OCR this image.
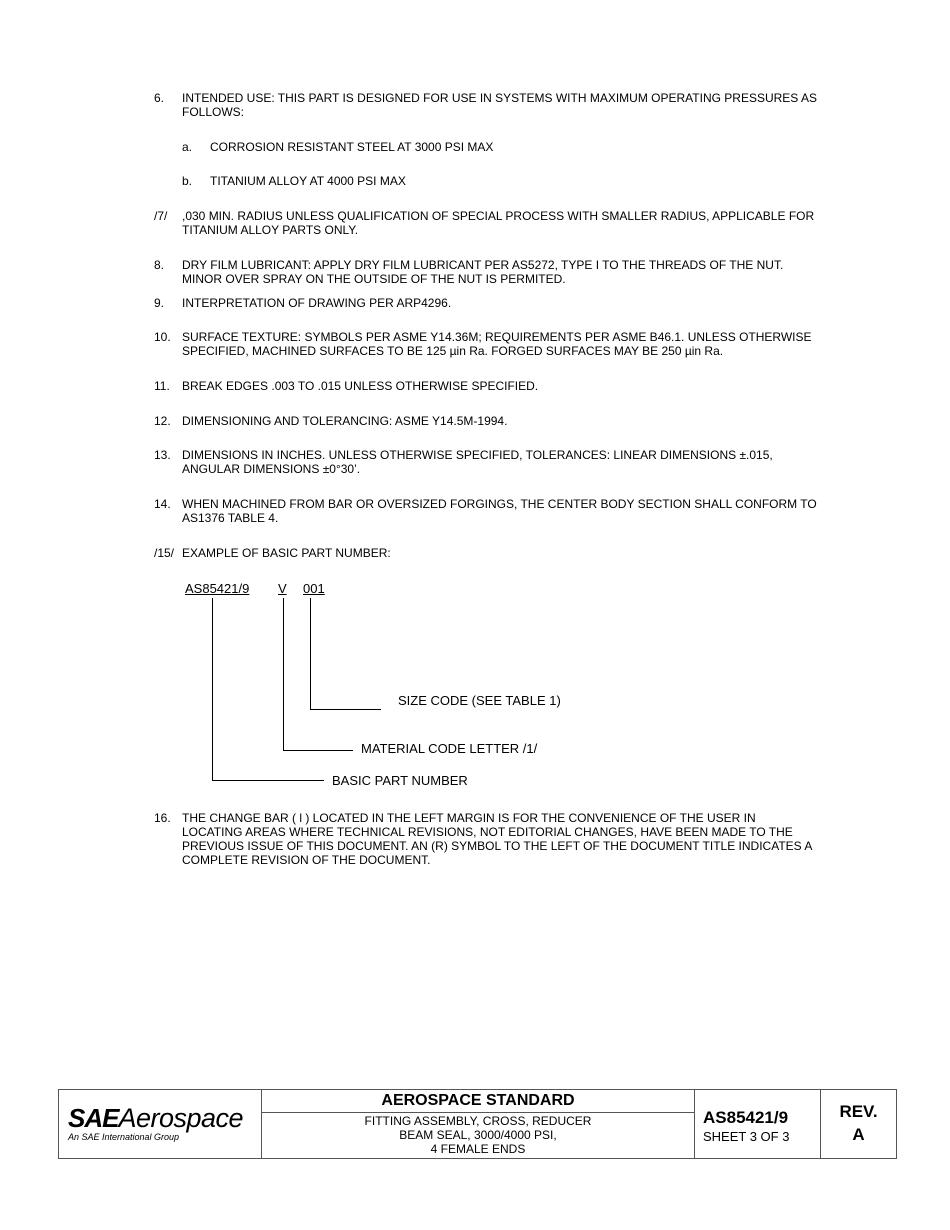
6.	INTENDED USE: THIS PART IS DESIGNED FOR USE IN SYSTEMS WITH MAXIMUM OPERATING PRESSURES AS
FOLLOWS:
a.	CORROSION RESISTANT STEEL AT 3000 PSI MAX
b.	TITANIUM ALLOY AT 4000 PSI MAX
/7/	,030 MIN. RADIUS UNLESS QUALIFICATION OF SPECIAL PROCESS WITH SMALLER RADIUS, APPLICABLE FOR
TITANIUM ALLOY PARTS ONLY.
8.	DRY FILM LUBRICANT: APPLY DRY FILM LUBRICANT PER AS5272, TYPE I TO THE THREADS OF THE NUT.
MINOR OVER SPRAY ON THE OUTSIDE OF THE NUT IS PERMITED.
9.	INTERPRETATION OF DRAWING PER ARP4296.
10. SURFACE TEXTURE: SYMBOLS PER ASME Y14.36M; REQUIREMENTS PER ASME B46.1. UNLESS OTHERWISE
SPECIFIED, MACHINED SURFACES TO BE 125 µin Ra. FORGED SURFACES MAY BE 250 µin Ra.
11.	BREAK EDGES .003 TO .015 UNLESS OTHERWISE SPECIFIED.
12. DIMENSIONING AND TOLERANCING: ASME Y14.5M-1994.
13. DIMENSIONS IN INCHES. UNLESS OTHERWISE SPECIFIED, TOLERANCES: LINEAR DIMENSIONS ±.015,
ANGULAR DIMENSIONS ±0°30’.
14. WHEN MACHINED FROM BAR OR OVERSIZED FORGINGS, THE CENTER BODY SECTION SHALL CONFORM TO
AS1376 TABLE 4.
/15/ EXAMPLE OF BASIC PART NUMBER:
AS85421/9 V 001
SIZE CODE (SEE TABLE 1)
MATERIAL CODE LETTER /1/
BASIC PART NUMBER
16. THE CHANGE BAR ( l ) LOCATED IN THE LEFT MARGIN IS FOR THE CONVENIENCE OF THE USER IN
LOCATING AREAS WHERE TECHNICAL REVISIONS, NOT EDITORIAL CHANGES, HAVE BEEN MADE TO THE
PREVIOUS ISSUE OF THIS DOCUMENT. AN (R) SYMBOL TO THE LEFT OF THE DOCUMENT TITLE INDICATES A
COMPLETE REVISION OF THE DOCUMENT.
SAEAerospace
An SAE International Group
AEROSPACE STANDARD
FITTING ASSEMBLY, CROSS, REDUCER
BEAM SEAL, 3000/4000 PSI,
4 FEMALE ENDS
AS85421/9
SHEET 3 OF 3
REV.
A
